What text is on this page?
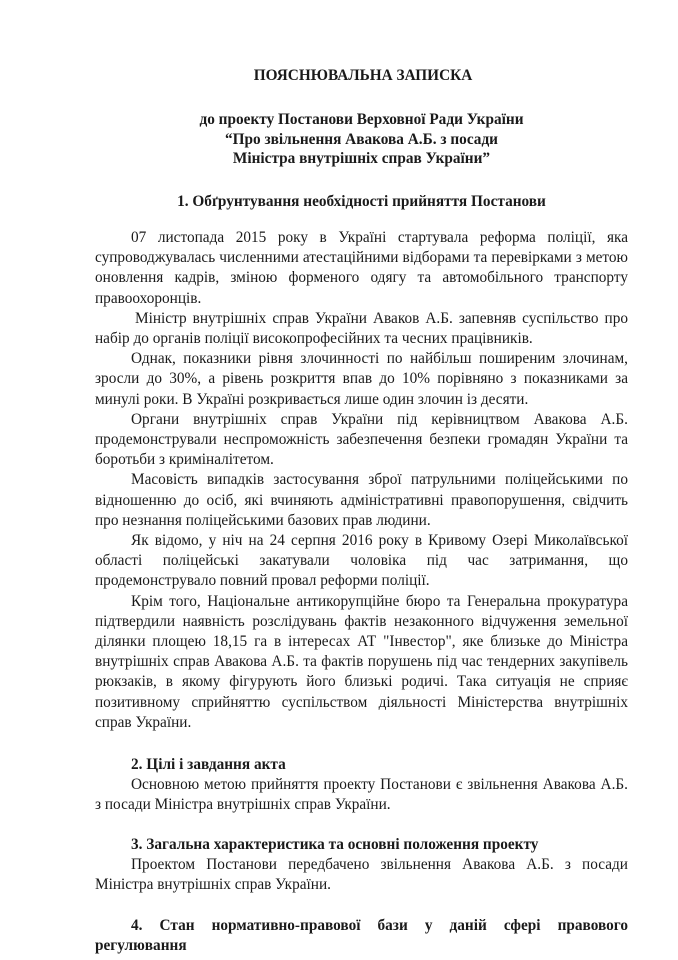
ПОЯСНЮВАЛЬНА ЗАПИСКА
до проекту Постанови Верховної Ради України
“Про звільнення Авакова А.Б. з посади
Міністра внутрішніх справ України”
1. Обґрунтування необхідності прийняття Постанови

07 листопада 2015 року в Україні стартувала реформа поліції, яка супроводжувалась численними атестаційними відборами та перевірками з метою оновлення кадрів, зміною форменого одягу та автомобільного транспорту правоохоронців.

Міністр внутрішніх справ України Аваков А.Б. запевняв суспільство про набір до органів поліції високопрофесійних та чесних працівників.

Однак, показники рівня злочинності по найбільш поширеним злочинам, зросли до 30%, а рівень розкриття впав до 10% порівняно з показниками за минулі роки. В Україні розкривається лише один злочин із десяти.

Органи внутрішніх справ України під керівництвом Авакова А.Б. продемонстрували неспроможність забезпечення безпеки громадян України та боротьби з криміналітетом.

Масовість випадків застосування зброї патрульними поліцейськими по відношенню до осіб, які вчиняють адміністративні правопорушення, свідчить про незнання поліцейськими базових прав людини.

Як відомо, у ніч на 24 серпня 2016 року в Кривому Озері Миколаївської області поліцейські закатували чоловіка під час затримання, що продемонструвало повний провал реформи поліції.

Крім того, Національне антикорупційне бюро та Генеральна прокуратура підтвердили наявність розслідувань фактів незаконного відчуження земельної ділянки площею 18,15 га в інтересах АТ "Інвестор", яке близьке до Міністра внутрішніх справ Авакова А.Б. та фактів порушень під час тендерних закупівель рюкзаків, в якому фігурують його близькі родичі. Така ситуація не сприяє позитивному сприйняттю суспільством діяльності Міністерства внутрішніх справ України.

2. Цілі і завдання акта

Основною метою прийняття проекту Постанови є звільнення Авакова А.Б. з посади Міністра внутрішніх справ України.

3. Загальна характеристика та основні положення проекту

Проектом Постанови передбачено звільнення Авакова А.Б. з посади Міністра внутрішніх справ України.

4. Стан нормативно-правової бази у даній сфері правового регулювання
